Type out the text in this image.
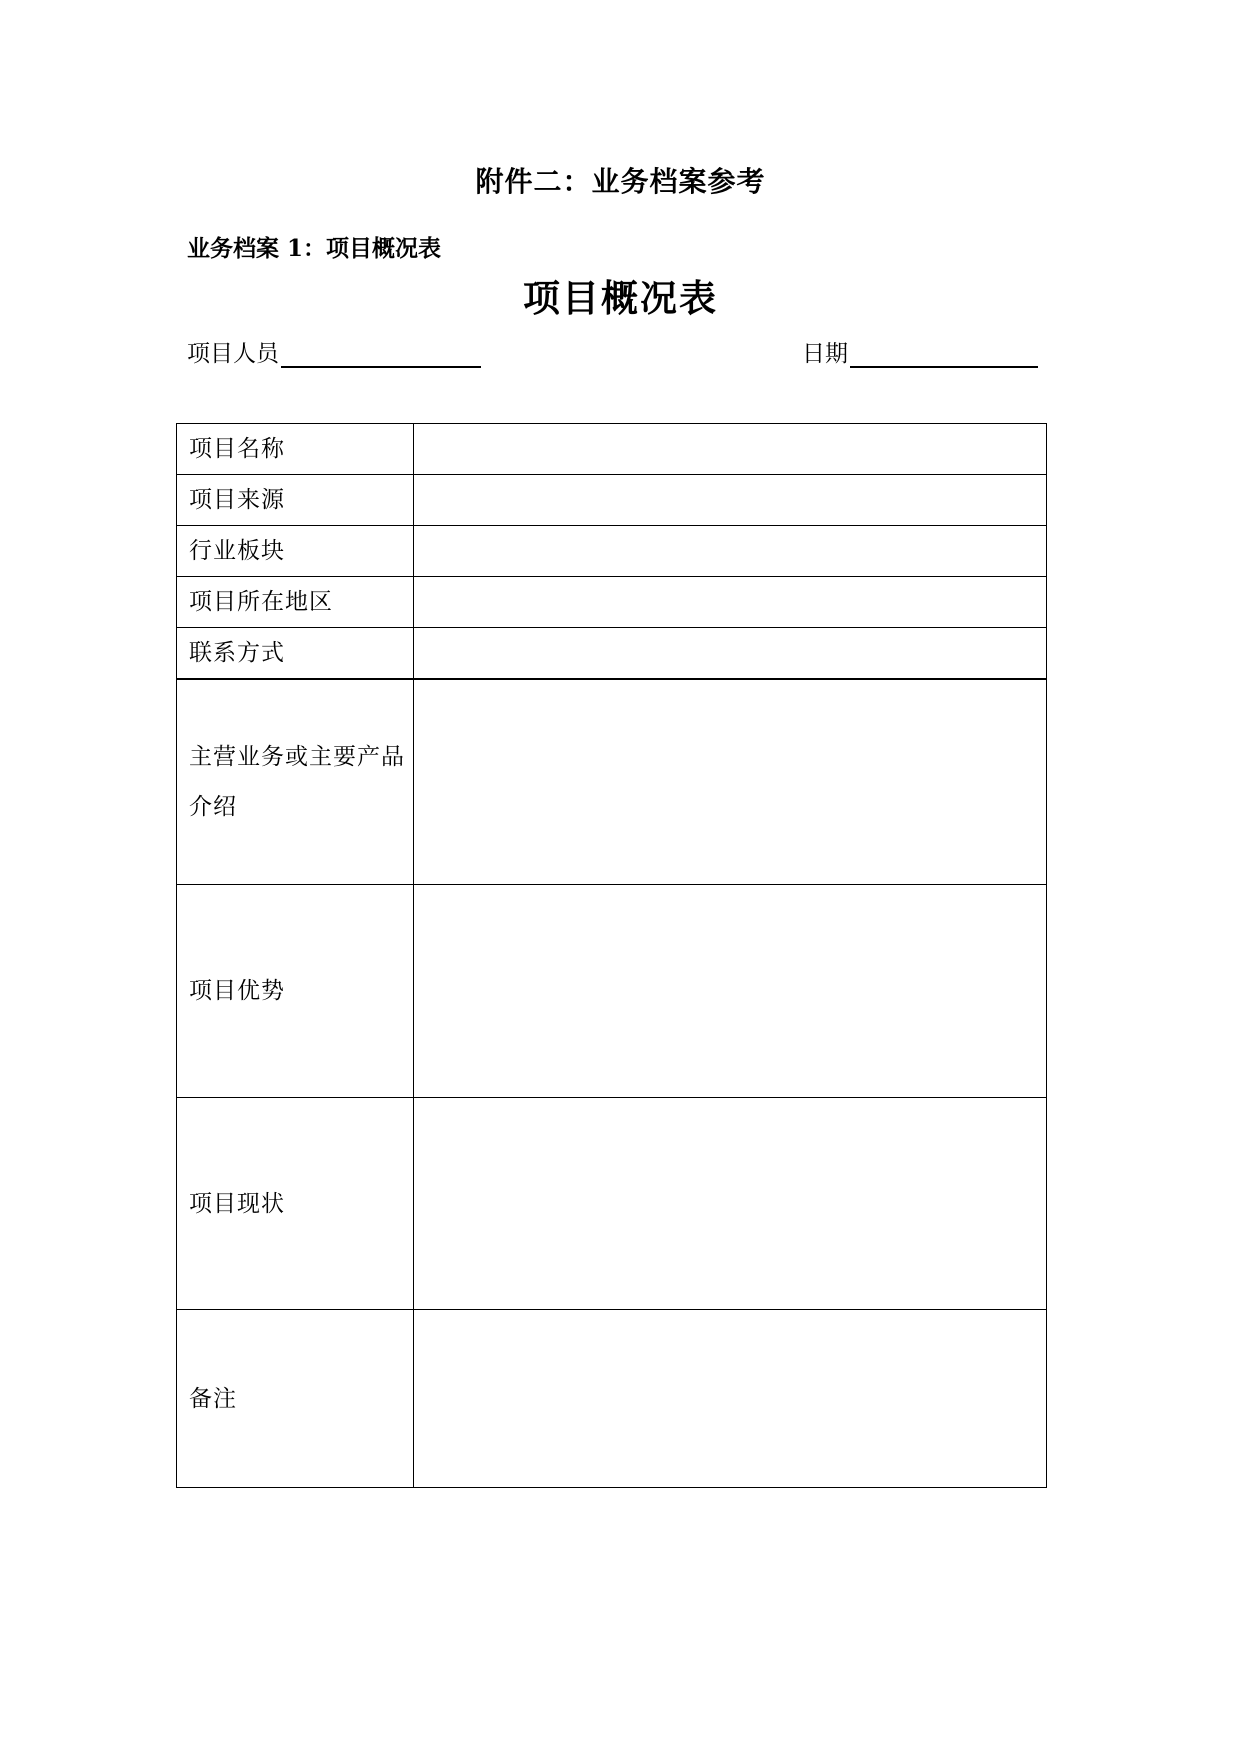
附件二：业务档案参考
业务档案 1：项目概况表
项目概况表
项目人员	日期
项目名称	
项目来源	
行业板块	
项目所在地区	
联系方式	
主营业务或主要产品介绍	
项目优势	
项目现状	
备注	
